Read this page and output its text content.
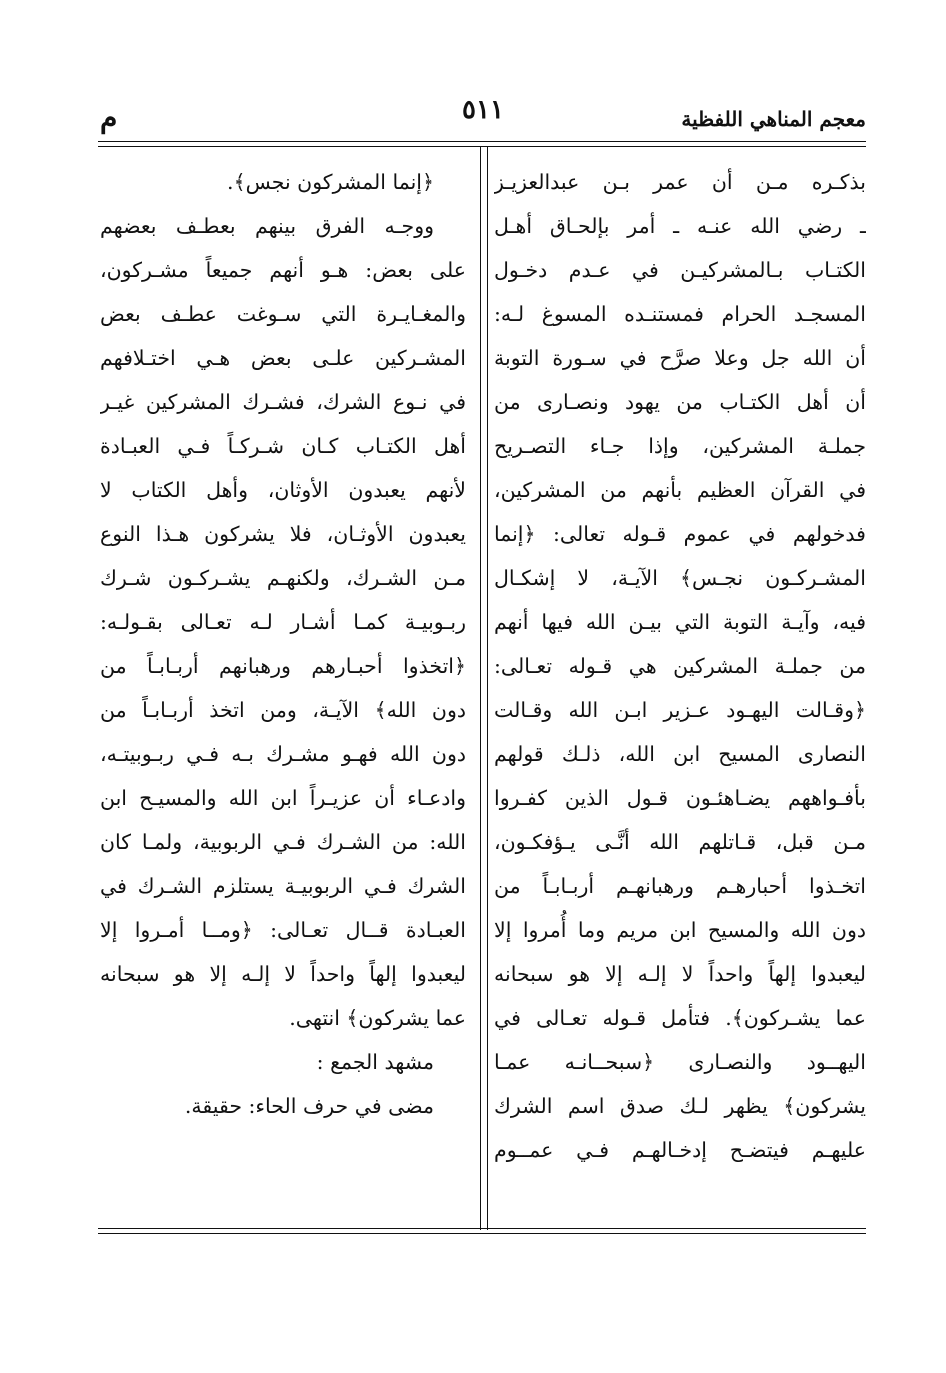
معجم المناهي اللفظية
٥١١
م
بذكـره مـن أن عمر بـن عبدالعزيـز
ـ رضي الله عنـه ـ أمر بإلحـاق أهـل
الكتـاب بـالمشركيـن في عـدم دخـول
المسجـد الحرام فمستنـده المسوغ لـه:
أن الله جل وعلا صرَّح في سـورة التوبة
أن أهل الكتـاب من يهود ونصـارى من
جملـة المشركين، وإذا جـاء التصـريح
في القرآن العظيم بأنهم من المشركين،
فدخولهم في عموم قـوله تعالى: ﴿إنما
المشـركـون نجـس﴾ الآيـة، لا إشكـال
فيه، وآيـة التوبة التي بيـن الله فيها أنهم
من جملـة المشركين هي قـوله تعـالى:
﴿وقـالت اليهـود عـزير ابـن الله وقـالت
النصارى المسيح ابن الله، ذلـك قولهم
بأفـواههم يضـاهئـون قـول الذين كفـروا
مـن قبل، قـاتلهم الله أنَّـى يـؤفكـون،
اتخـذوا أحبارهـم ورهبانهـم أربـابـاً من
دون الله والمسيح ابن مريم وما أُمروا إلا
ليعبدوا إلهاً واحداً لا إلـه إلا هو سبحانه
عما يشـركون﴾. فتأمل قـوله تعـالى في
اليهــود والنصـارى ﴿سبحــانـه عمـا
يشركون﴾ يظهر لـك صدق اسم الشرك
عليهـم فيتضـح إدخـالهـم فـي عمــوم
﴿إنما المشركون نجس﴾.
ووجـه الفرق بينهم بعطـف بعضهم
على بعض: هـو أنهم جميعاً مشـركون،
والمغـايـرة التي سـوغت عطـف بعض
المشـركين علـى بعض هـي اختـلافهم
في نـوع الشرك، فشـرك المشركين غيـر
أهل الكتـاب كـان شـركـاً فـي العبـادة
لأنهم يعبدون الأوثان، وأهل الكتاب لا
يعبدون الأوثـان، فلا يشركون هـذا النوع
مـن الشـرك، ولكنهـم يشـركـون شـرك
ربـوبيـة كمـا أشـار لـه تعـالى بقـولـه:
﴿اتخذوا أحبـارهم ورهبانهم أربـابـاً من
دون الله﴾ الآيـة، ومن اتخذ أربـابـاً من
دون الله فهـو مشـرك بـه فـي ربـوبيتـه،
وادعـاء أن عزيـراً ابن الله والمسيـح ابن
الله: من الشـرك فـي الربوبية، ولمـا كان
الشرك فـي الربوبيـة يستلزم الشـرك في
العبـادة قــال تعـالى: ﴿ومــا أمـروا إلا
ليعبدوا إلهاً واحداً لا إلـه إلا هو سبحانه
عما يشركون﴾ انتهى.
مشهد الجمع :
مضى في حرف الحاء: حقيقة.
